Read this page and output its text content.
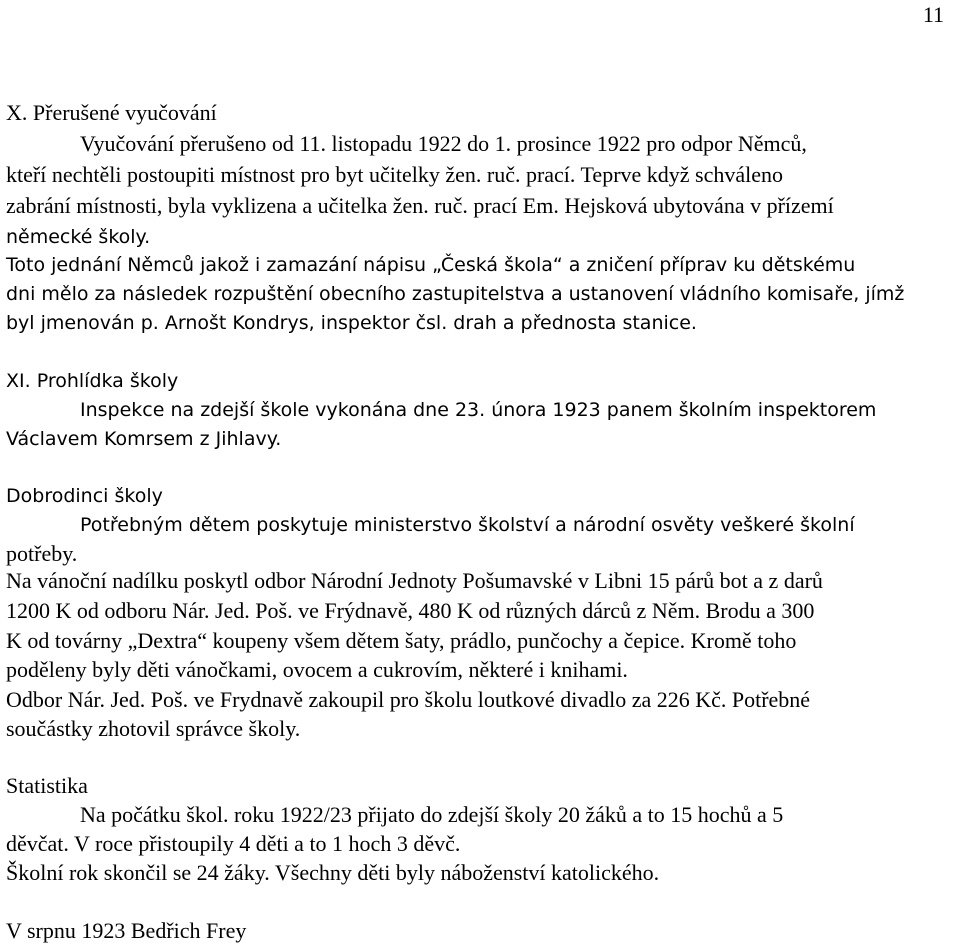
11
X. Přerušené vyučování
Vyučování přerušeno od 11. listopadu 1922 do 1. prosince 1922 pro odpor Němců,
kteří nechtěli postoupiti místnost pro byt učitelky žen. ruč. prací. Teprve když schváleno
zabrání místnosti, byla vyklizena a učitelka žen. ruč. prací Em. Hejsková ubytována v přízemí
německé školy.
Toto jednání Němců jakož i zamazání nápisu „Česká škola“ a zničení příprav ku dětskému
dni mělo za následek rozpuštění obecního zastupitelstva a ustanovení vládního komisaře, jímž
byl jmenován p. Arnošt Kondrys, inspektor čsl. drah a přednosta stanice.
XI. Prohlídka školy
Inspekce na zdejší škole vykonána dne 23. února 1923 panem školním inspektorem
Václavem Komrsem z Jihlavy.
Dobrodinci školy
Potřebným dětem poskytuje ministerstvo školství a národní osvěty veškeré školní
potřeby.
Na vánoční nadílku poskytl odbor Národní Jednoty Pošumavské v Libni 15 párů bot a z darů
1200 K od odboru Nár. Jed. Poš. ve Frýdnavě, 480 K od různých dárců z Něm. Brodu a 300
K od továrny „Dextra“ koupeny všem dětem šaty, prádlo, punčochy a čepice. Kromě toho
poděleny byly děti vánočkami, ovocem a cukrovím, některé i knihami.
Odbor Nár. Jed. Poš. ve Frydnavě zakoupil pro školu loutkové divadlo za 226 Kč. Potřebné
součástky zhotovil správce školy.
Statistika
Na počátku škol. roku 1922/23 přijato do zdejší školy 20 žáků a to 15 hochů a 5
děvčat. V roce přistoupily 4 děti a to 1 hoch 3 děvč.
Školní rok skončil se 24 žáky. Všechny děti byly náboženství katolického.
V srpnu 1923 Bedřich Frey
